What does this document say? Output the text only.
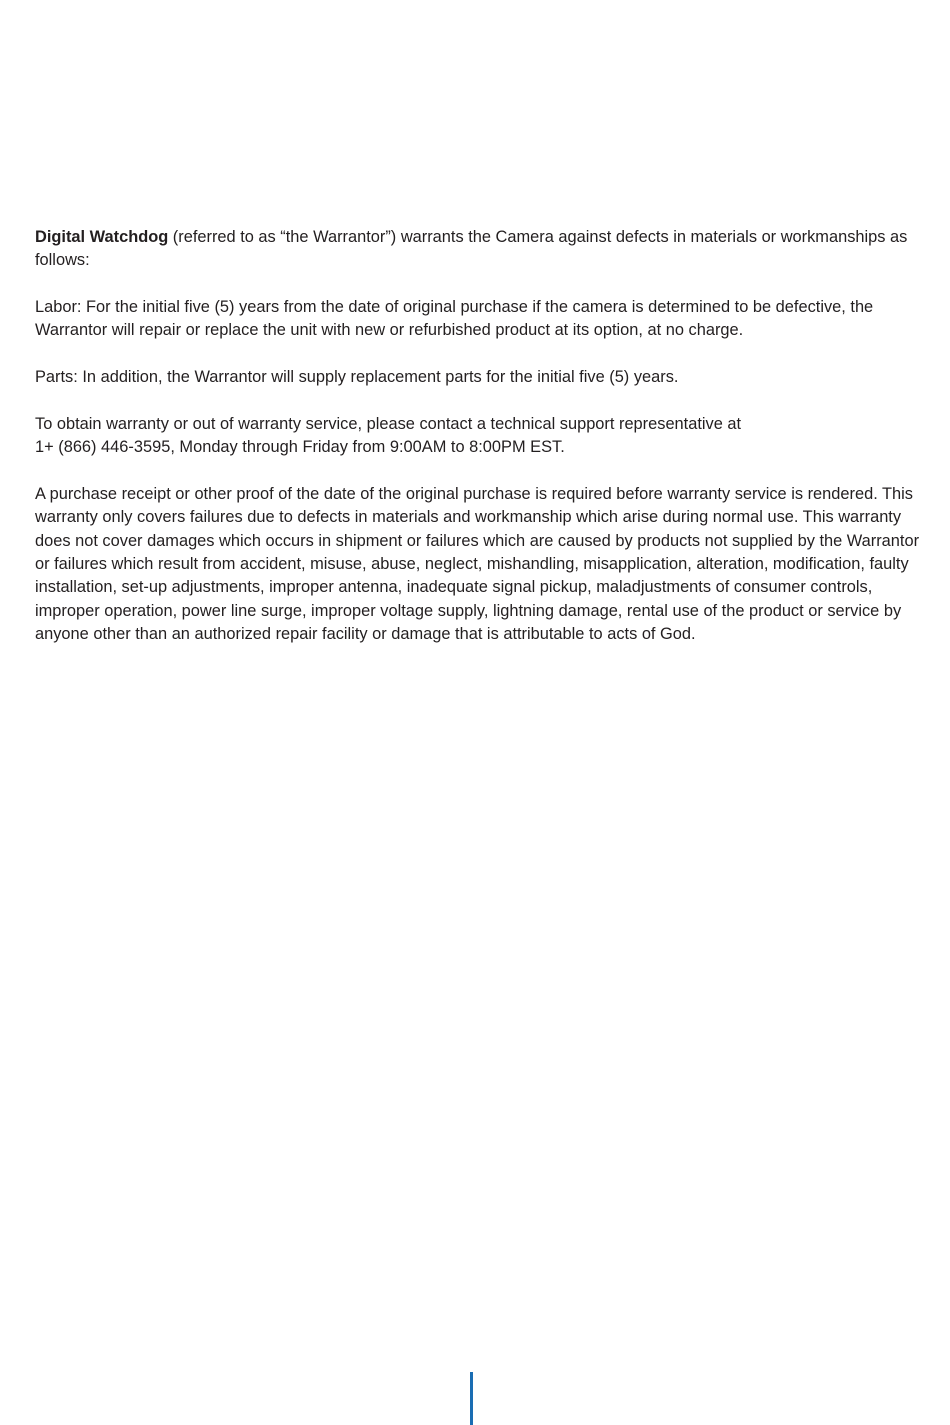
Digital Watchdog (referred to as “the Warrantor”) warrants the Camera against defects in materials or workmanships as follows:

Labor: For the initial five (5) years from the date of original purchase if the camera is determined to be defective, the Warrantor will repair or replace the unit with new or refurbished product at its option, at no charge.

Parts: In addition, the Warrantor will supply replacement parts for the initial five (5) years.

To obtain warranty or out of warranty service, please contact a technical support representative at
1+ (866) 446-3595, Monday through Friday from 9:00AM to 8:00PM EST.

A purchase receipt or other proof of the date of the original purchase is required before warranty service is rendered. This warranty only covers failures due to defects in materials and workmanship which arise during normal use. This warranty does not cover damages which occurs in shipment or failures which are caused by products not supplied by the Warrantor or failures which result from accident, misuse, abuse, neglect, mishandling, misapplication, alteration, modification, faulty installation, set-up adjustments, improper antenna, inadequate signal pickup, maladjustments of consumer controls, improper operation, power line surge, improper voltage supply, lightning damage, rental use of the product or service by anyone other than an authorized repair facility or damage that is attributable to acts of God.
